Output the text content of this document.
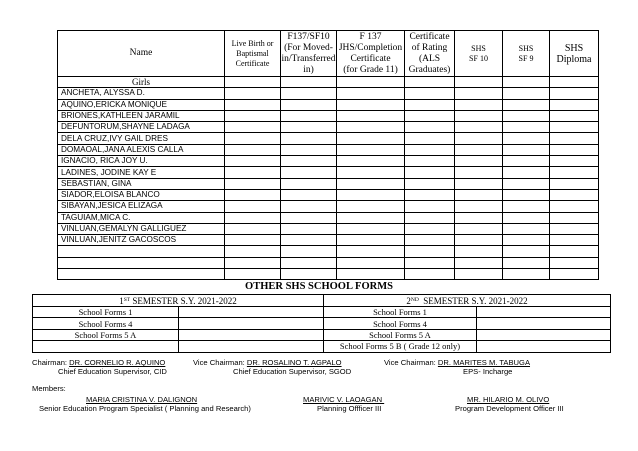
Name	Live Birth or
Baptismal
Certificate	F137/SF10
(For Moved-
in/Transferred
in)	F 137
JHS/Completion
Certificate
(for Grade 11)	Certificate
of Rating
(ALS
Graduates)	SHS
SF 10	SHS
SF 9	SHS
Diploma
Girls							
ANCHETA, ALYSSA D.							
AQUINO,ERICKA MONIQUE							
BRIONES,KATHLEEN JARAMIL							
DEFUNTORUM,SHAYNE LADAGA							
DELA CRUZ,IVY GAIL DRES							
DOMAOAL,JANA ALEXIS CALLA							
IGNACIO, RICA JOY U.							
LADINES, JODINE KAY E							
SEBASTIAN, GINA							
SIADOR,ELOISA BLANCO							
SIBAYAN,JESICA ELIZAGA							
TAGUIAM,MICA C.							
VINLUAN,GEMALYN GALLIGUEZ							
VINLUAN,JENITZ GACOSCOS							

OTHER SHS SCHOOL FORMS
1ST SEMESTER S.Y. 2021-2022		2ND  SEMESTER S.Y. 2021-2022	
School Forms 1		School Forms 1	
School Forms 4		School Forms 4	
School Forms 5 A		School Forms 5 A	
		School Forms 5 B ( Grade 12 only)	
Chairman: DR. CORNELIO R. AQUINO
Chief Education Supervisor, CID
Vice Chairman: DR. ROSALINO T. AGPALO
Chief Education Supervisor, SGOD
Vice Chairman: DR. MARITES M. TABUGA
EPS- Incharge
Members:
MARIA CRISTINA V. DALIGNON
Senior Education Program Specialist ( Planning and Research)
MARIVIC V. LAOAGAN
Planning Offficer III
MR. HILARIO M. OLIVO
Program Development Officer III
